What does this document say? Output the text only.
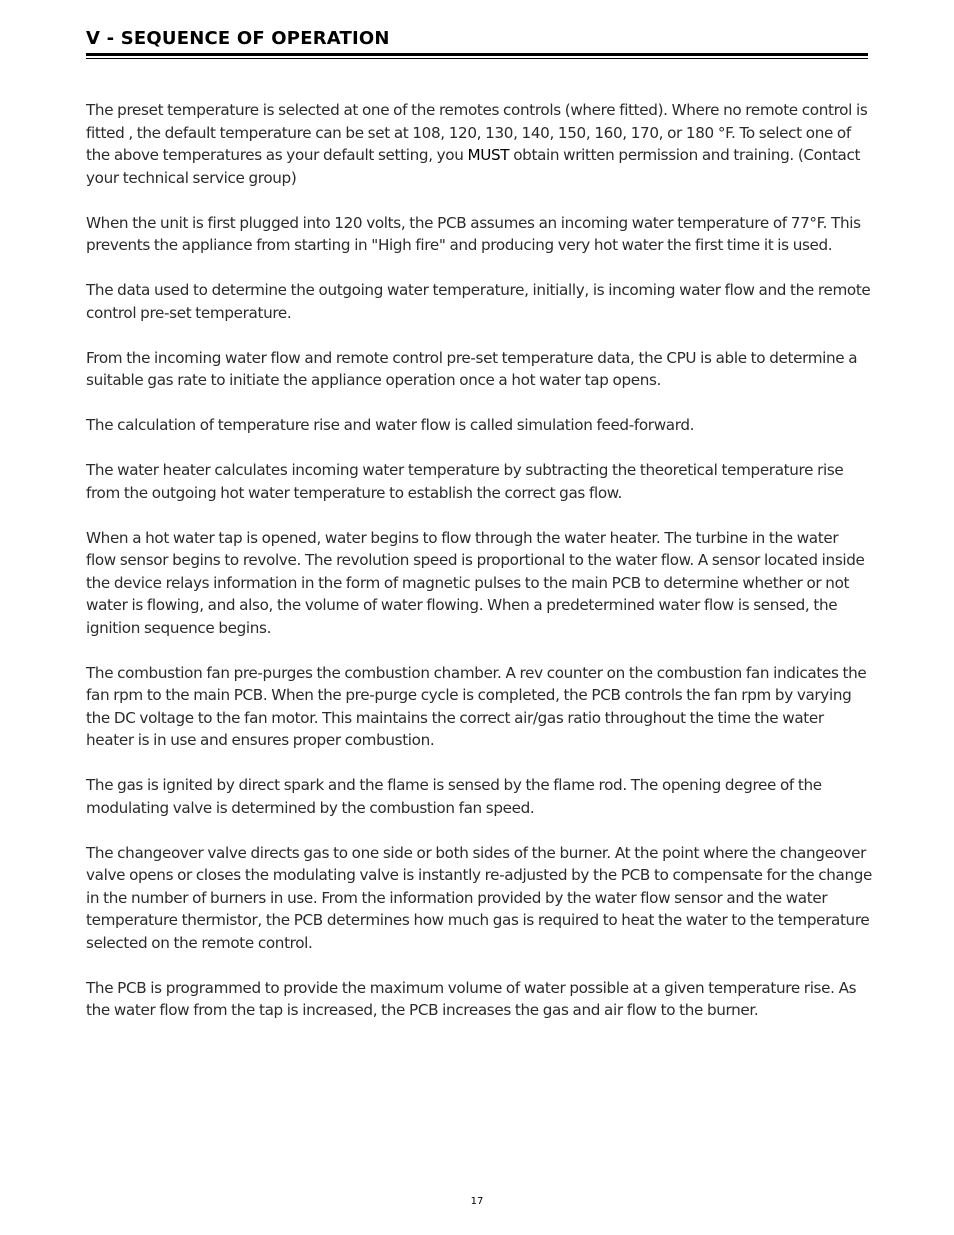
V - SEQUENCE OF OPERATION

The preset temperature is selected at one of the remotes controls (where fitted). Where no remote control is fitted , the default temperature can be set at 108, 120, 130, 140, 150, 160, 170, or 180 °F. To select one of the above temperatures as your default setting, you MUST obtain written permission and training. (Contact your technical service group)

When the unit is first plugged into 120 volts, the PCB assumes an incoming water temperature of 77°F. This prevents the appliance from starting in "High fire" and producing very hot water the first time it is used.

The data used to determine the outgoing water temperature, initially, is incoming water flow and the remote control pre-set temperature.

From the incoming water flow and remote control pre-set temperature data, the CPU is able to determine a suitable gas rate to initiate the appliance operation once a hot water tap opens.

The calculation of temperature rise and water flow is called simulation feed-forward.

The water heater calculates incoming water temperature by subtracting the theoretical temperature rise from the outgoing hot water temperature to establish the correct gas flow.

When a hot water tap is opened, water begins to flow through the water heater. The turbine in the water flow sensor begins to revolve. The revolution speed is proportional to the water flow. A sensor located inside the device relays information in the form of magnetic pulses to the main PCB to determine whether or not water is flowing, and also, the volume of water flowing. When a predetermined water flow is sensed, the ignition sequence begins.

The combustion fan pre-purges the combustion chamber. A rev counter on the combustion fan indicates the fan rpm to the main PCB. When the pre-purge cycle is completed, the PCB controls the fan rpm by varying the DC voltage to the fan motor. This maintains the correct air/gas ratio throughout the time the water heater is in use and ensures proper combustion.

The gas is ignited by direct spark and the flame is sensed by the flame rod. The opening degree of the modulating valve is determined by the combustion fan speed.

The changeover valve directs gas to one side or both sides of the burner. At the point where the changeover valve opens or closes the modulating valve is instantly re-adjusted by the PCB to compensate for the change in the number of burners in use. From the information provided by the water flow sensor and the water temperature thermistor, the PCB determines how much gas is required to heat the water to the temperature selected on the remote control.

The PCB is programmed to provide the maximum volume of water possible at a given temperature rise. As the water flow from the tap is increased, the PCB increases the gas and air flow to the burner.

17
